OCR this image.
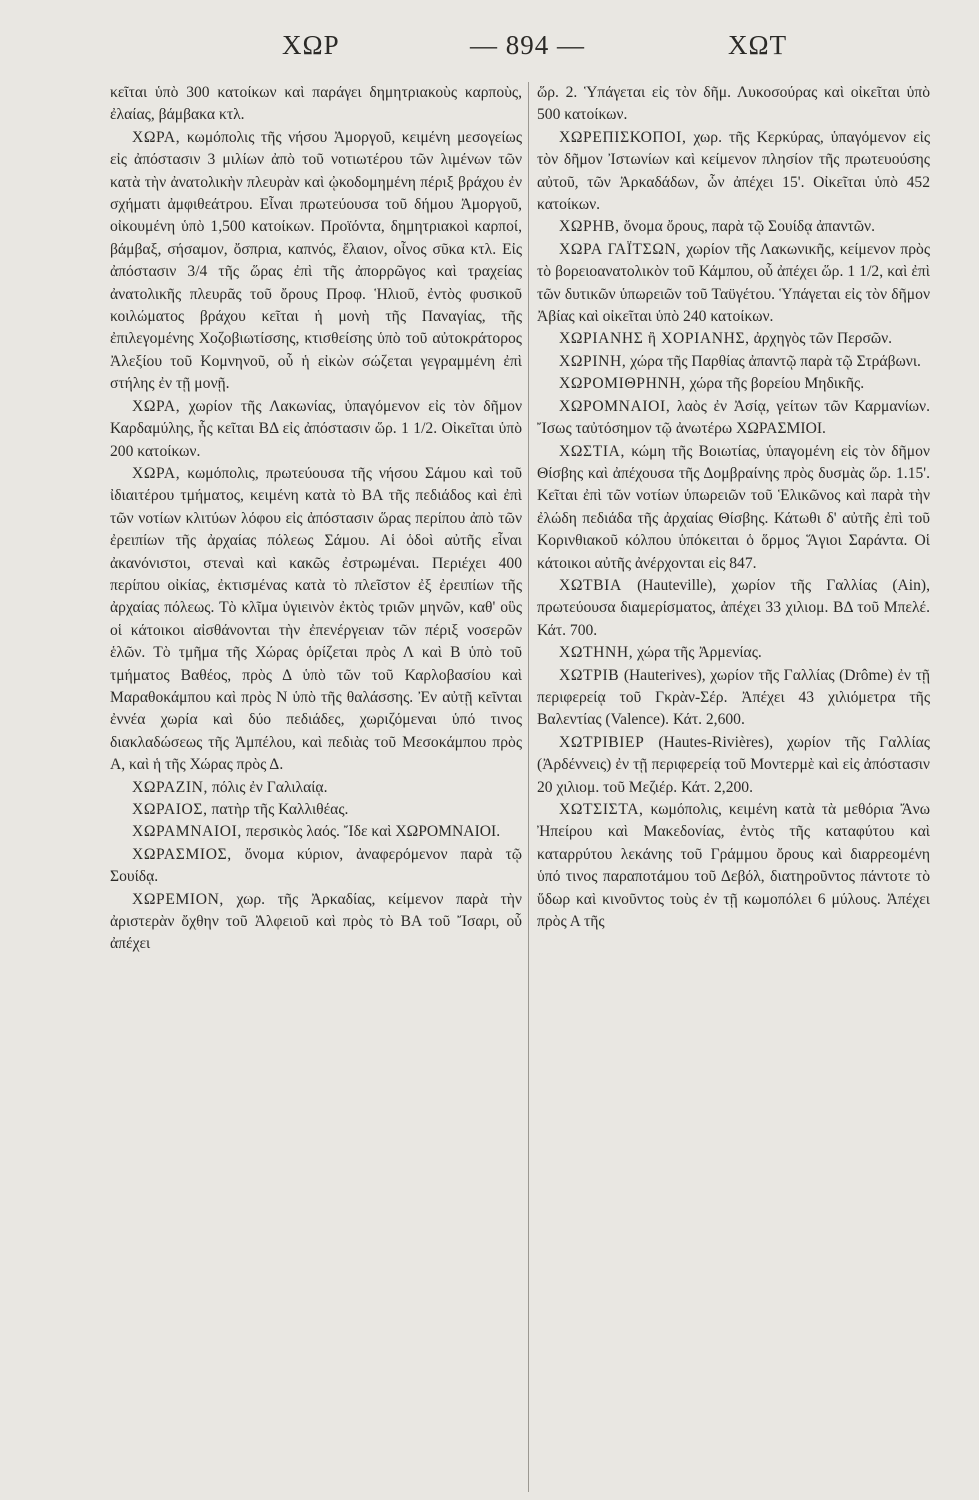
ΧΩΡ	— 894 —	ΧΩΤ

κεῖται ὑπὸ 300 κατοίκων καὶ παράγει δημητριακοὺς καρποὺς, ἐλαίας, βάμβακα κτλ.

ΧΩΡΑ, κωμόπολις τῆς νήσου Ἀμοργοῦ, κειμένη μεσογείως εἰς ἀπόστασιν 3 μιλίων ἀπὸ τοῦ νοτιωτέρου τῶν λιμένων τῶν κατὰ τὴν ἀνατολικὴν πλευρὰν καὶ ᾠκοδομημένη πέριξ βράχου ἐν σχήματι ἀμφιθεάτρου. Εἶναι πρωτεύουσα τοῦ δήμου Ἀμοργοῦ, οἰκουμένη ὑπὸ 1,500 κατοίκων. Προϊόντα, δημητριακοὶ καρποί, βάμβαξ, σήσαμον, ὄσπρια, καπνός, ἔλαιον, οἶνος σῦκα κτλ. Εἰς ἀπόστασιν 3/4 τῆς ὥρας ἐπὶ τῆς ἀπορρῶγος καὶ τραχείας ἀνατολικῆς πλευρᾶς τοῦ ὄρους Προφ. Ἡλιοῦ, ἐντὸς φυσικοῦ κοιλώματος βράχου κεῖται ἡ μονὴ τῆς Παναγίας, τῆς ἐπιλεγομένης Χοζοβιωτίσσης, κτισθείσης ὑπὸ τοῦ αὐτοκράτορος Ἀλεξίου τοῦ Κομνηνοῦ, οὗ ἡ εἰκὼν σώζεται γεγραμμένη ἐπὶ στήλης ἐν τῇ μονῇ.

ΧΩΡΑ, χωρίον τῆς Λακωνίας, ὑπαγόμενον εἰς τὸν δῆμον Καρδαμύλης, ἧς κεῖται ΒΔ εἰς ἀπόστασιν ὥρ. 1 1/2. Οἰκεῖται ὑπὸ 200 κατοίκων.

ΧΩΡΑ, κωμόπολις, πρωτεύουσα τῆς νήσου Σάμου καὶ τοῦ ἰδιαιτέρου τμήματος, κειμένη κατὰ τὸ ΒΑ τῆς πεδιάδος καὶ ἐπὶ τῶν νοτίων κλιτύων λόφου εἰς ἀπόστασιν ὥρας περίπου ἀπὸ τῶν ἐρειπίων τῆς ἀρχαίας πόλεως Σάμου. Αἱ ὁδοὶ αὐτῆς εἶναι ἀκανόνιστοι, στεναὶ καὶ κακῶς ἐστρωμέναι. Περιέχει 400 περίπου οἰκίας, ἐκτισμένας κατὰ τὸ πλεῖστον ἐξ ἐρειπίων τῆς ἀρχαίας πόλεως. Τὸ κλῖμα ὑγιεινὸν ἐκτὸς τριῶν μηνῶν, καθ' οὓς οἱ κάτοικοι αἰσθάνονται τὴν ἐπενέργειαν τῶν πέριξ νοσερῶν ἑλῶν. Τὸ τμῆμα τῆς Χώρας ὁρίζεται πρὸς Λ καὶ Β ὑπὸ τοῦ τμήματος Βαθέος, πρὸς Δ ὑπὸ τῶν τοῦ Καρλοβασίου καὶ Μαραθοκάμπου καὶ πρὸς Ν ὑπὸ τῆς θαλάσσης. Ἐν αὐτῇ κεῖνται ἐννέα χωρία καὶ δύο πεδιάδες, χωριζόμεναι ὑπό τινος διακλαδώσεως τῆς Ἀμπέλου, καὶ πεδιὰς τοῦ Μεσοκάμπου πρὸς Α, καὶ ἡ τῆς Χώρας πρὸς Δ.

ΧΩΡΑΖΙΝ, πόλις ἐν Γαλιλαίᾳ.

ΧΩΡΑΙΟΣ, πατὴρ τῆς Καλλιθέας.

ΧΩΡΑΜΝΑΙΟΙ, περσικὸς λαός. Ἴδε καὶ ΧΩΡΟΜΝΑΙΟΙ.

ΧΩΡΑΣΜΙΟΣ, ὄνομα κύριον, ἀναφερόμενον παρὰ τῷ Σουίδᾳ.

ΧΩΡΕΜΙΟΝ, χωρ. τῆς Ἀρκαδίας, κείμενον παρὰ τὴν ἀριστερὰν ὄχθην τοῦ Ἀλφειοῦ καὶ πρὸς τὸ ΒΑ τοῦ Ἴσαρι, οὗ ἀπέχει

ὥρ. 2. Ὑπάγεται εἰς τὸν δῆμ. Λυκοσούρας καὶ οἰκεῖται ὑπὸ 500 κατοίκων.

ΧΩΡΕΠΙΣΚΟΠΟΙ, χωρ. τῆς Κερκύρας, ὑπαγόμενον εἰς τὸν δῆμον Ἰστωνίων καὶ κείμενον πλησίον τῆς πρωτευούσης αὐτοῦ, τῶν Ἀρκαδάδων, ὧν ἀπέχει 15'. Οἰκεῖται ὑπὸ 452 κατοίκων.

ΧΩΡΗΒ, ὄνομα ὄρους, παρὰ τῷ Σουίδᾳ ἀπαντῶν.

ΧΩΡΑ ΓΑΪΤΣΩΝ, χωρίον τῆς Λακωνικῆς, κείμενον πρὸς τὸ βορειοανατολικὸν τοῦ Κάμπου, οὗ ἀπέχει ὥρ. 1 1/2, καὶ ἐπὶ τῶν δυτικῶν ὑπωρειῶν τοῦ Ταϋγέτου. Ὑπάγεται εἰς τὸν δῆμον Ἀβίας καὶ οἰκεῖται ὑπὸ 240 κατοίκων.

ΧΩΡΙΑΝΗΣ ἢ ΧΟΡΙΑΝΗΣ, ἀρχηγὸς τῶν Περσῶν.

ΧΩΡΙΝΗ, χώρα τῆς Παρθίας ἀπαντῷ παρὰ τῷ Στράβωνι.

ΧΩΡΟΜΙΘΡΗΝΗ, χώρα τῆς βορείου Μηδικῆς.

ΧΩΡΟΜΝΑΙΟΙ, λαὸς ἐν Ἀσίᾳ, γείτων τῶν Καρμανίων. Ἴσως ταὐτόσημον τῷ ἀνωτέρω ΧΩΡΑΣΜΙΟΙ.

ΧΩΣΤΙΑ, κώμη τῆς Βοιωτίας, ὑπαγομένη εἰς τὸν δῆμον Θίσβης καὶ ἀπέχουσα τῆς Δομβραίνης πρὸς δυσμὰς ὥρ. 1.15'. Κεῖται ἐπὶ τῶν νοτίων ὑπωρειῶν τοῦ Ἑλικῶνος καὶ παρὰ τὴν ἐλώδη πεδιάδα τῆς ἀρχαίας Θίσβης. Κάτωθι δ' αὐτῆς ἐπὶ τοῦ Κορινθιακοῦ κόλπου ὑπόκειται ὁ ὅρμος Ἅγιοι Σαράντα. Οἱ κάτοικοι αὐτῆς ἀνέρχονται εἰς 847.

ΧΩΤΒΙΑ (Hauteville), χωρίον τῆς Γαλλίας (Ain), πρωτεύουσα διαμερίσματος, ἀπέχει 33 χιλιομ. ΒΔ τοῦ Μπελέ. Κάτ. 700.

ΧΩΤΗΝΗ, χώρα τῆς Ἀρμενίας.

ΧΩΤΡΙΒ (Hauterives), χωρίον τῆς Γαλλίας (Drôme) ἐν τῇ περιφερείᾳ τοῦ Γκρὰν-Σέρ. Ἀπέχει 43 χιλιόμετρα τῆς Βαλεντίας (Valence). Κάτ. 2,600.

ΧΩΤΡΙΒΙΕΡ (Hautes-Rivières), χωρίον τῆς Γαλλίας (Ἀρδέννεις) ἐν τῇ περιφερείᾳ τοῦ Μοντερμὲ καὶ εἰς ἀπόστασιν 20 χιλιομ. τοῦ Μεζιέρ. Κάτ. 2,200.

ΧΩΤΣΙΣΤΑ, κωμόπολις, κειμένη κατὰ τὰ μεθόρια Ἄνω Ἠπείρου καὶ Μακεδονίας, ἐντὸς τῆς καταφύτου καὶ καταρρύτου λεκάνης τοῦ Γράμμου ὄρους καὶ διαρρεομένη ὑπό τινος παραποτάμου τοῦ Δεβόλ, διατηροῦντος πάντοτε τὸ ὕδωρ καὶ κινοῦντος τοὺς ἐν τῇ κωμοπόλει 6 μύλους. Ἀπέχει πρὸς Α τῆς
